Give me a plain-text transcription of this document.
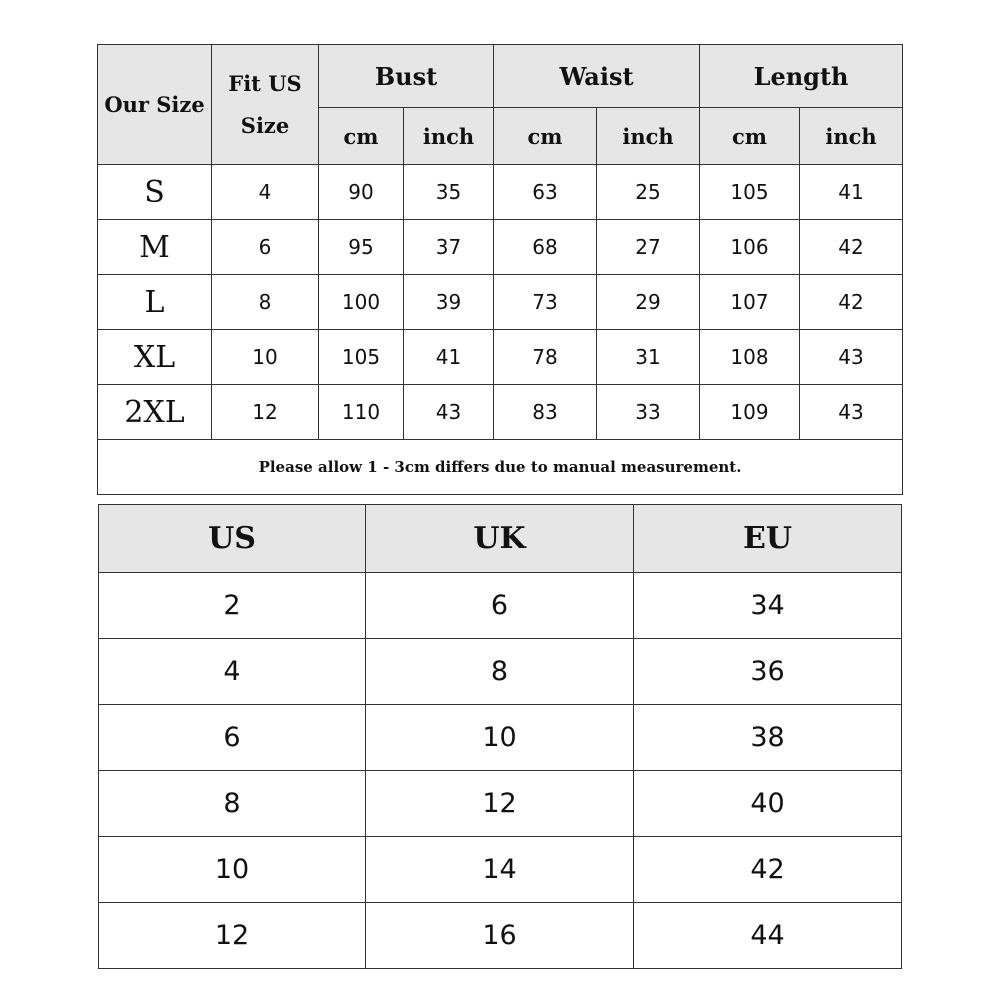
Our Size	Fit US Size	Bust		Waist		Length	
		cm	inch	cm	inch	cm	inch
S	4	90	35	63	25	105	41
M	6	95	37	68	27	106	42
L	8	100	39	73	29	107	42
XL	10	105	41	78	31	108	43
2XL	12	110	43	83	33	109	43
Please allow 1 - 3cm differs due to manual measurement.							
US	UK	EU
2	6	34
4	8	36
6	10	38
8	12	40
10	14	42
12	16	44
